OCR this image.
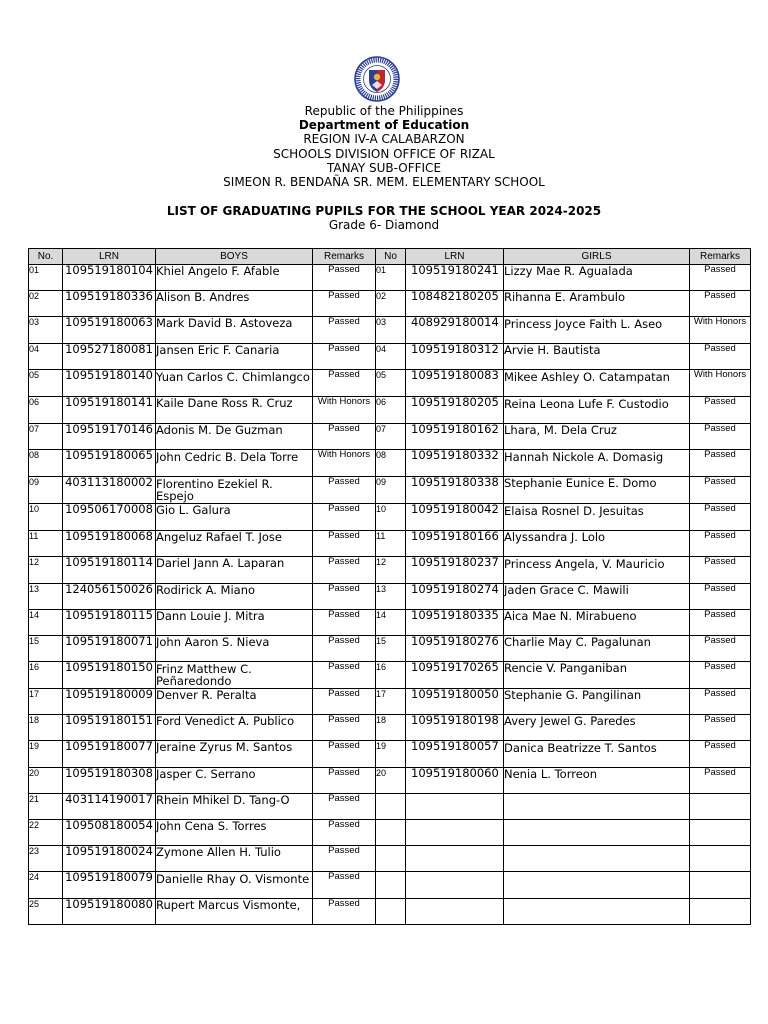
Republic of the Philippines
Department of Education
REGION IV-A CALABARZON
SCHOOLS DIVISION OFFICE OF RIZAL
TANAY SUB-OFFICE
SIMEON R. BENDAÑA SR. MEM. ELEMENTARY SCHOOL
LIST OF GRADUATING PUPILS FOR THE SCHOOL YEAR 2024-2025
Grade 6- Diamond
No.	LRN	BOYS	Remarks	No	LRN	GIRLS	Remarks
01	109519180104	Khiel Angelo F. Afable	Passed	01	109519180241	Lizzy Mae R. Agualada	Passed
02	109519180336	Alison B. Andres	Passed	02	108482180205	Rihanna E. Arambulo	Passed
03	109519180063	Mark David B. Astoveza	Passed	03	408929180014	Princess Joyce Faith L. Aseo	With Honors
04	109527180081	Jansen Eric F. Canaria	Passed	04	109519180312	Arvie H. Bautista	Passed
05	109519180140	Yuan Carlos C. Chimlangco	Passed	05	109519180083	Mikee Ashley O. Catampatan	With Honors
06	109519180141	Kaile Dane Ross R. Cruz	With Honors	06	109519180205	Reina Leona Lufe F. Custodio	Passed
07	109519170146	Adonis M. De Guzman	Passed	07	109519180162	Lhara, M. Dela Cruz	Passed
08	109519180065	John Cedric B. Dela Torre	With Honors	08	109519180332	Hannah Nickole A. Domasig	Passed
09	403113180002	Florentino Ezekiel R. Espejo	Passed	09	109519180338	Stephanie Eunice E. Domo	Passed
10	109506170008	Gio L. Galura	Passed	10	109519180042	Elaisa Rosnel D. Jesuitas	Passed
11	109519180068	Angeluz Rafael T. Jose	Passed	11	109519180166	Alyssandra J. Lolo	Passed
12	109519180114	Dariel Jann A. Laparan	Passed	12	109519180237	Princess Angela, V. Mauricio	Passed
13	124056150026	Rodirick A. Miano	Passed	13	109519180274	Jaden Grace C. Mawili	Passed
14	109519180115	Dann Louie J. Mitra	Passed	14	109519180335	Aica Mae N. Mirabueno	Passed
15	109519180071	John Aaron S. Nieva	Passed	15	109519180276	Charlie May C. Pagalunan	Passed
16	109519180150	Frinz Matthew C. Peñaredondo	Passed	16	109519170265	Rencie V. Panganiban	Passed
17	109519180009	Denver R. Peralta	Passed	17	109519180050	Stephanie G. Pangilinan	Passed
18	109519180151	Ford Venedict A. Publico	Passed	18	109519180198	Avery Jewel G. Paredes	Passed
19	109519180077	Jeraine Zyrus M. Santos	Passed	19	109519180057	Danica Beatrizze T. Santos	Passed
20	109519180308	Jasper C. Serrano	Passed	20	109519180060	Nenia L. Torreon	Passed
21	403114190017	Rhein Mhikel D. Tang-O	Passed				
22	109508180054	John Cena S. Torres	Passed				
23	109519180024	Zymone Allen H. Tulio	Passed				
24	109519180079	Danielle Rhay O. Vismonte	Passed				
25	109519180080	Rupert Marcus Vismonte,	Passed				
